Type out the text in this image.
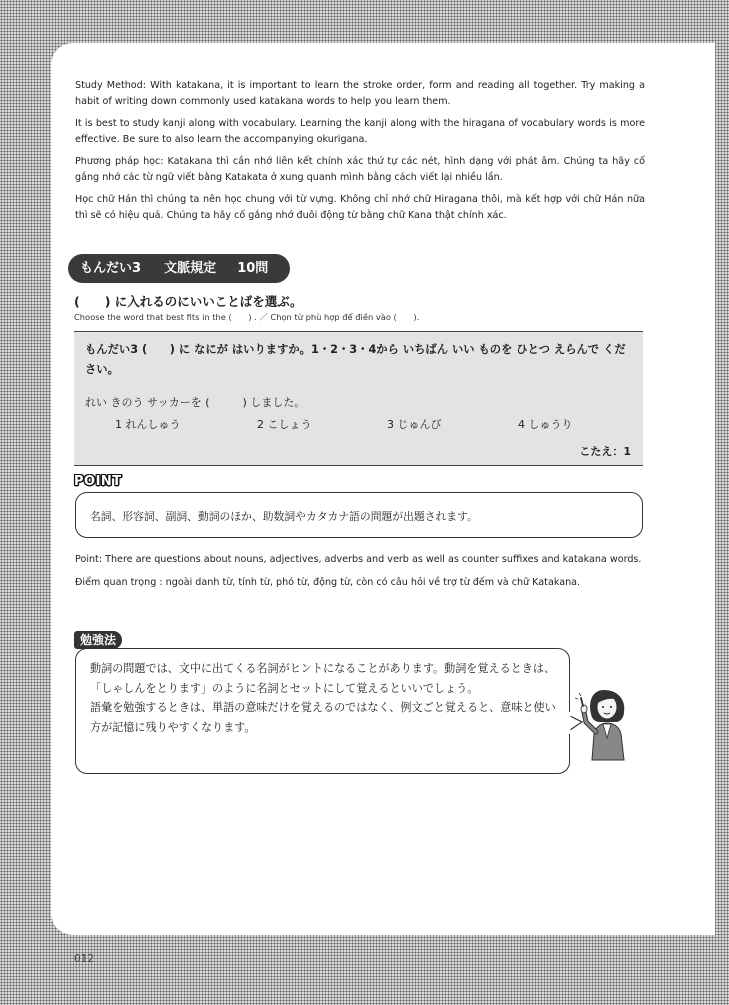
Study Method: With katakana, it is important to learn the stroke order, form and reading all together. Try making a habit of writing down commonly used katakana words to help you learn them.

It is best to study kanji along with vocabulary. Learning the kanji along with the hiragana of vocabulary words is more effective. Be sure to also learn the accompanying okurigana.

Phương pháp học: Katakana thì cần nhớ liên kết chính xác thứ tự các nét, hình dạng với phát âm. Chúng ta hãy cố gắng nhớ các từ ngữ viết bằng Katakata ở xung quanh mình bằng cách viết lại nhiều lần.

Học chữ Hán thì chúng ta nên học chung với từ vựng. Không chỉ nhớ chữ Hiragana thôi, mà kết hợp với chữ Hán nữa thì sẽ có hiệu quả. Chúng ta hãy cố gắng nhớ đuôi động từ bằng chữ Kana thật chính xác.

もんだい3
ぶん みゃく き てい
文脈規定
もん
10問
(　　) に入れるのにいいことばを選ぶ。
Choose the word that best fits in the (　　) . ／ Chọn từ phù hợp để điền vào (　　).
もんだい3 (　　) に なにが はいりますか。1・2・3・4から いちばん いい ものを ひとつ えらんで ください。
れい きのう サッカーを (　　　) しました。
1 れんしゅう	2 こしょう	3 じゅんび	4 しゅうり
こたえ：1
POINT
名詞、形容詞、副詞、動詞のほか、助数詞やカタカナ語の問題が出題されます。

Point: There are questions about nouns, adjectives, adverbs and verb as well as counter suffixes and katakana words.

Điểm quan trọng : ngoài danh từ, tính từ, phó từ, động từ, còn có câu hỏi về trợ từ đếm và chữ Katakana.

勉強法

動詞の問題では、文中に出てくる名詞がヒントになることがあります。動詞を覚えるときは、「しゃしんをとります」のように名詞とセットにして覚えるといいでしょう。

語彙を勉強するときは、単語の意味だけを覚えるのではなく、例文ごと覚えると、意味と使い方が記憶に残りやすくなります。

012
